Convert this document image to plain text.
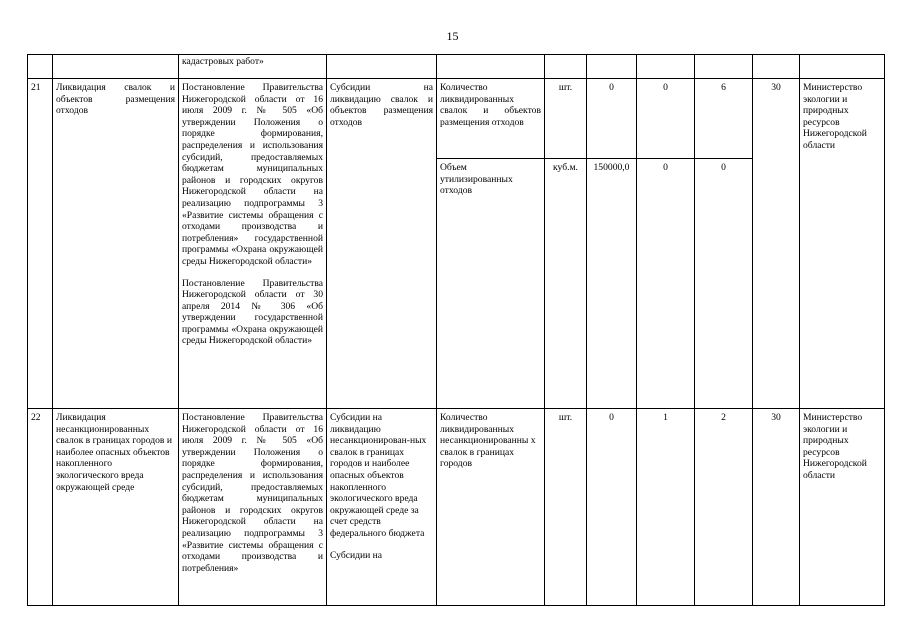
15
		кадастровых работ»								
21	Ликвидация свалок и объектов размещения отходов	Постановление Правительства Нижегородской области от 16 июля 2009 г. № 505 «Об утверждении Положения о порядке формирования, распределения и использования субсидий, предоставляемых бюджетам муниципальных районов и городских округов Нижегородской области на реализацию подпрограммы 3 «Развитие системы обращения с отходами производства и потребления» государственной программы «Охрана окружающей среды Нижегородской области»
Постановление Правительства Нижегородской области от 30 апреля 2014 № 306 «Об утверждении государственной программы «Охрана окружающей среды Нижегородской области»	Субсидии на ликвидацию свалок и объектов размещения отходов	Количество ликвидированных свалок и объектов размещения отходов	шт.	0	0	6	30	Министерство экологии и природных ресурсов Нижегородской области
				Объем утилизированных отходов	куб.м.	150000,0	0	0		
22	Ликвидация несанкционированных свалок в границах городов и наиболее опасных объектов накопленного экологического вреда окружающей среде	Постановление Правительства Нижегородской области от 16 июля 2009 г. № 505 «Об утверждении Положения о порядке формирования, распределения и использования субсидий, предоставляемых бюджетам муниципальных районов и городских округов Нижегородской области на реализацию подпрограммы 3 «Развитие системы обращения с отходами производства и потребления»	Субсидии на ликвидацию несанкционирован-ных свалок в границах городов и наиболее опасных объектов накопленного экологического вреда окружающей среде за счет средств федерального бюджета
Субсидии на	Количество ликвидированных несанкционированны х свалок в границах городов	шт.	0	1	2	30	Министерство экологии и природных ресурсов Нижегородской области
